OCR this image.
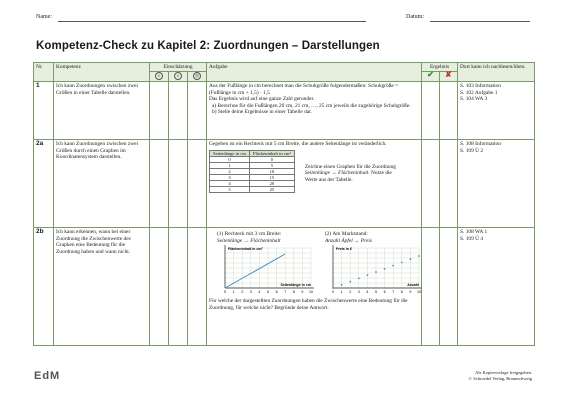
Name:	Datum:
Kompetenz-Check zu Kapitel 2: Zuordnungen – Darstellungen
Nr.	Kompetenz	Einschätzung	Aufgabe	Ergebnis	Dort kann ich nachlesen/üben.
☺	☺	☹	✔	✘
1	Ich kann Zuordnungen zwischen zwei Größen in einer Tabelle darstellen.				
Aus der Fußlänge in cm berechnet man die Schuhgröße folgendermaßen: Schuhgröße = (Fußlänge in cm + 1,5) · 1,5
Das Ergebnis wird auf eine ganze Zahl gerundet.
a) Berechne für die Fußlängen 20 cm, 21 cm, …, 25 cm jeweils die zugehörige Schuhgröße.
b) Stelle deine Ergebnisse in einer Tabelle dar.

S. 103 Information
S. 102 Aufgabe 1
S. 104 WA 3

2a	Ich kann Zuordnungen zwischen zwei Größen durch einen Graphen im Koordinatensystem darstellen.				
Gegeben ist ein Rechteck mit 5 cm Breite, die andere Seitenlänge ist veränderlich.
Seitenlänge in cm	Flächeninhalt in cm²
0	0
1	5
2	10
3	15
4	20
5	25
Zeichne einen Graphen für die Zuordnung Seitenlänge → Flächeninhalt. Nutze die Werte aus der Tabelle.

S. 108 Information
S. 109 Ü 2

2b	Ich kann erkennen, wann bei einer Zuordnung die Zwischenwerte des Graphen eine Bedeutung für die Zuordnung haben und wann nicht.				
(1) Rechteck mit 3 cm Breite:
Seitenlänge → Flächeninhalt
0 1 2 3 4 5 6 7 8 9 10
Flächeninhalt in cm²
Seitenlänge in cm
(2) Am Marktstand:
Anzahl Äpfel → Preis
0 1 2 3 4 5 6 7 8 9 10
Preis in €
Anzahl
Für welche der dargestellten Zuordnungen haben die Zwischenwerte eine Bedeutung für die Zuordnung, für welche nicht? Begründe deine Antwort.

S. 108 WA 1
S. 109 Ü 4
EdM	Als Kopiervorlage freigegeben.
© Schroedel Verlag, Braunschweig
